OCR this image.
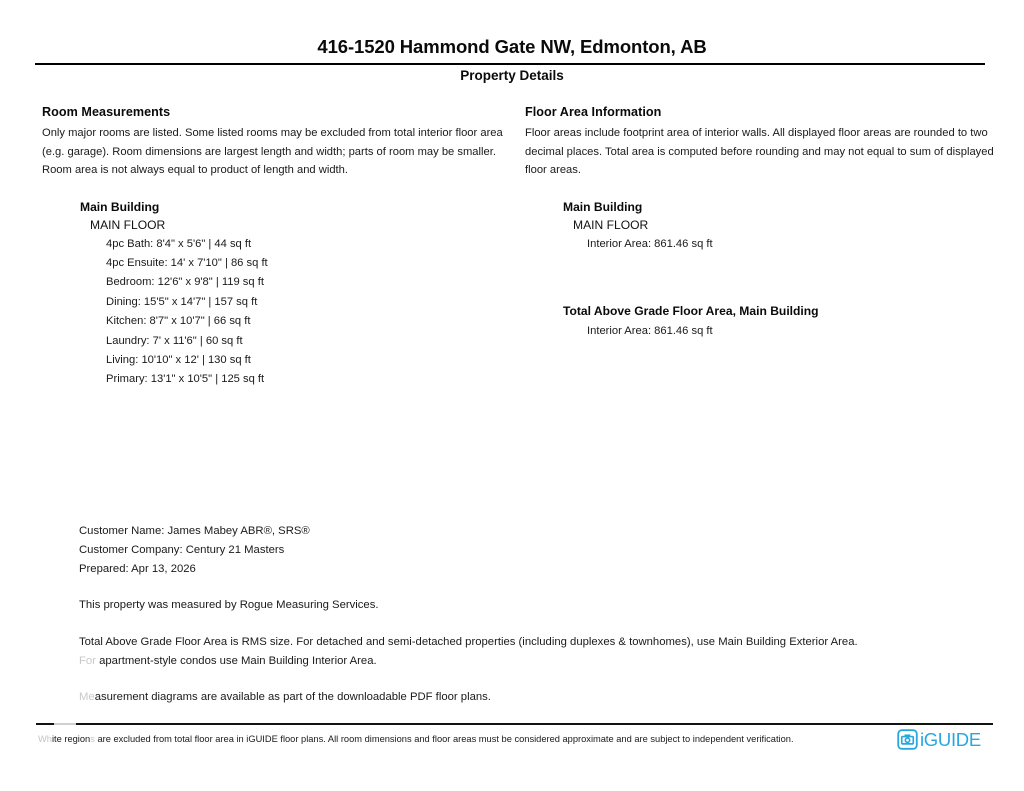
416-1520 Hammond Gate NW, Edmonton, AB
Property Details

Room Measurements

Only major rooms are listed. Some listed rooms may be excluded from total interior floor area (e.g. garage). Room dimensions are largest length and width; parts of room may be smaller. Room area is not always equal to product of length and width.

Main Building

MAIN FLOOR

4pc Bath: 8'4" x 5'6" | 44 sq ft
4pc Ensuite: 14' x 7'10" | 86 sq ft
Bedroom: 12'6" x 9'8" | 119 sq ft
Dining: 15'5" x 14'7" | 157 sq ft
Kitchen: 8'7" x 10'7" | 66 sq ft
Laundry: 7' x 11'6" | 60 sq ft
Living: 10'10" x 12' | 130 sq ft
Primary: 13'1" x 10'5" | 125 sq ft

Floor Area Information

Floor areas include footprint area of interior walls. All displayed floor areas are rounded to two decimal places. Total area is computed before rounding and may not equal to sum of displayed floor areas.

Main Building

MAIN FLOOR

Interior Area: 861.46 sq ft

Total Above Grade Floor Area, Main Building

Interior Area: 861.46 sq ft
Customer Name: James Mabey ABR®, SRS®
Customer Company: Century 21 Masters
Prepared: Apr 13, 2026
This property was measured by Rogue Measuring Services.
Total Above Grade Floor Area is RMS size. For detached and semi-detached properties (including duplexes & townhomes), use Main Building Exterior Area.
For apartment-style condos use Main Building Interior Area.
Measurement diagrams are available as part of the downloadable PDF floor plans.
White regions are excluded from total floor area in iGUIDE floor plans. All room dimensions and floor areas must be considered approximate and are subject to independent verification.	iGUIDE
